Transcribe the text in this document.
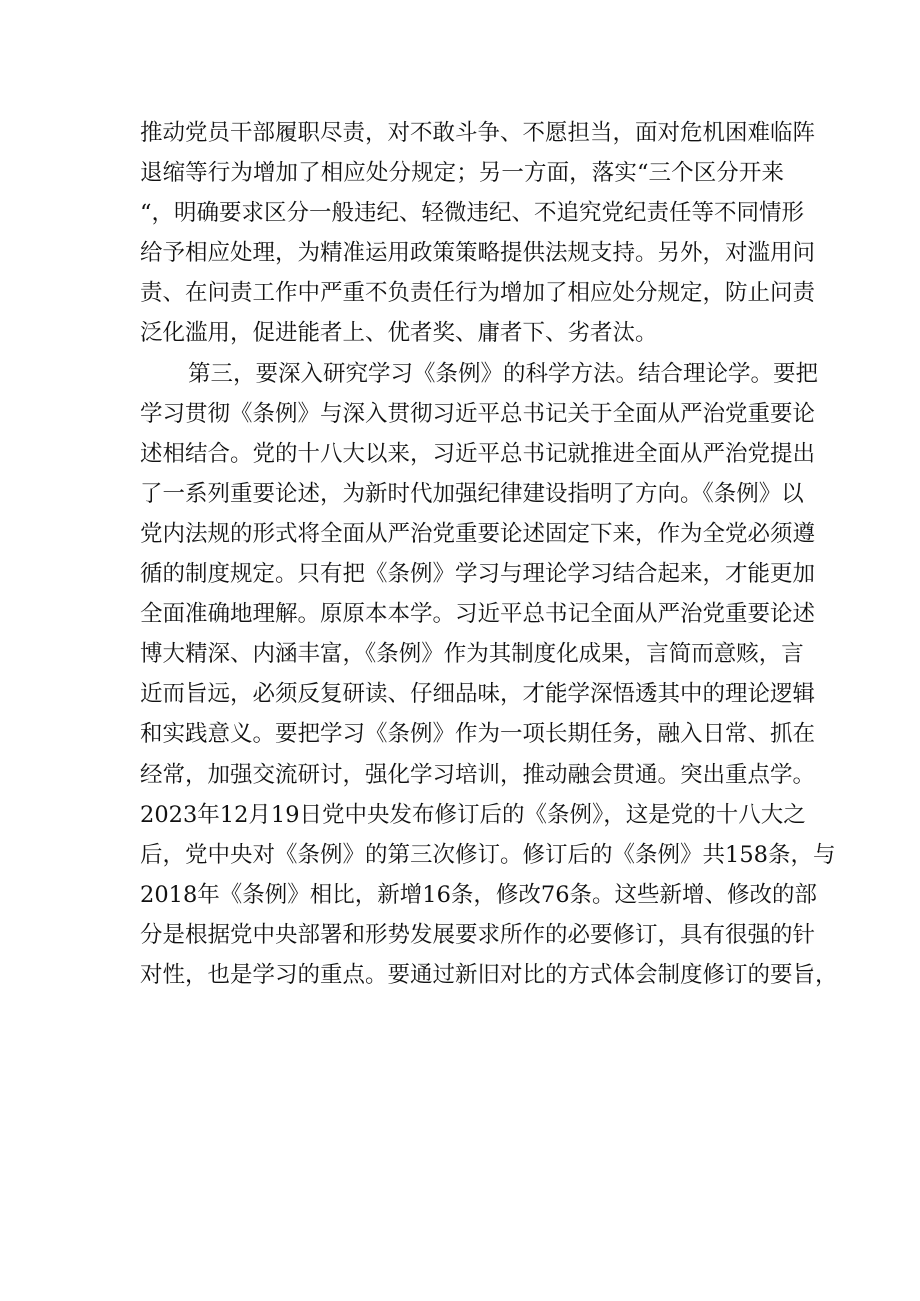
推动党员干部履职尽责，对不敢斗争、不愿担当，面对危机困难临阵
退缩等行为增加了相应处分规定；另一方面，落实“三个区分开来
“，明确要求区分一般违纪、轻微违纪、不追究党纪责任等不同情形
给予相应处理，为精准运用政策策略提供法规支持。另外，对滥用问
责、在问责工作中严重不负责任行为增加了相应处分规定，防止问责
泛化滥用，促进能者上、优者奖、庸者下、劣者汰。
第三，要深入研究学习《条例》的科学方法。结合理论学。要把
学习贯彻《条例》与深入贯彻习近平总书记关于全面从严治党重要论
述相结合。党的十八大以来，习近平总书记就推进全面从严治党提出
了一系列重要论述，为新时代加强纪律建设指明了方向。《条例》以
党内法规的形式将全面从严治党重要论述固定下来，作为全党必须遵
循的制度规定。只有把《条例》学习与理论学习结合起来，才能更加
全面准确地理解。原原本本学。习近平总书记全面从严治党重要论述
博大精深、内涵丰富，《条例》作为其制度化成果，言简而意赅，言
近而旨远，必须反复研读、仔细品味，才能学深悟透其中的理论逻辑
和实践意义。要把学习《条例》作为一项长期任务，融入日常、抓在
经常，加强交流研讨，强化学习培训，推动融会贯通。突出重点学。
2023年12月19日党中央发布修订后的《条例》，这是党的十八大之
后，党中央对《条例》的第三次修订。修订后的《条例》共158条，与
2018年《条例》相比，新增16条，修改76条。这些新增、修改的部
分是根据党中央部署和形势发展要求所作的必要修订，具有很强的针
对性，也是学习的重点。要通过新旧对比的方式体会制度修订的要旨，
